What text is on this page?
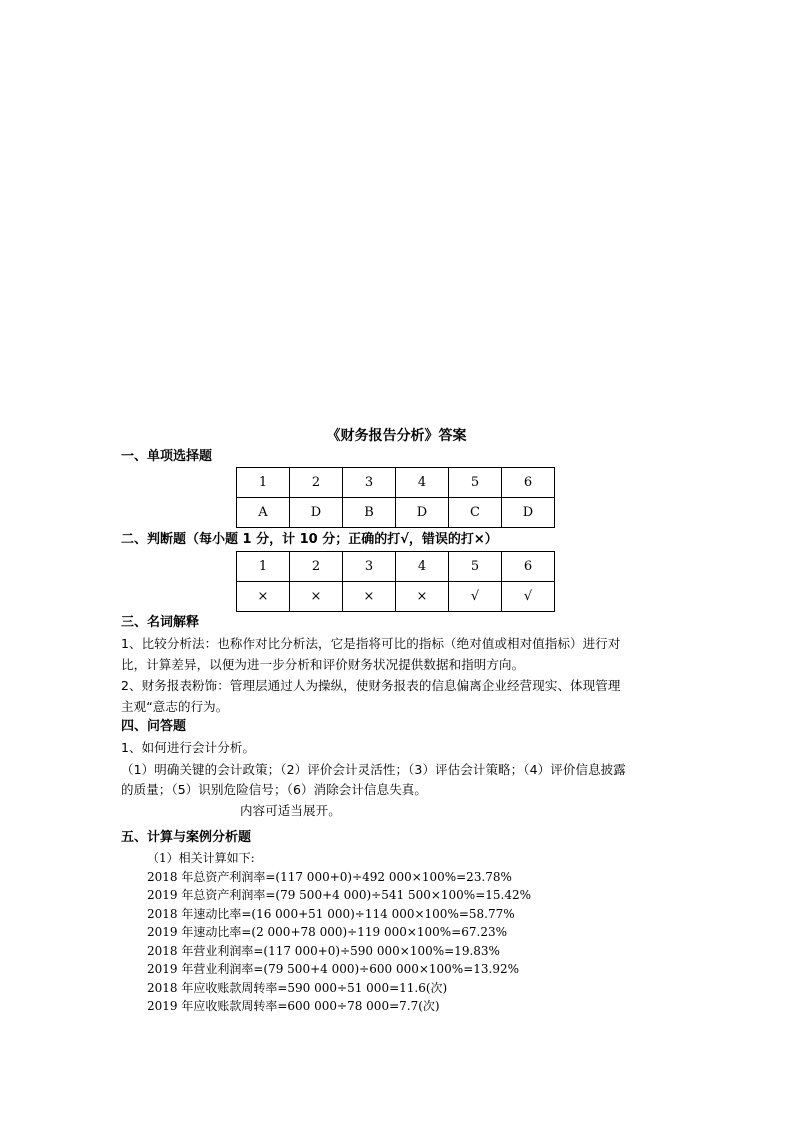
《财务报告分析》答案
一、单项选择题
1	2	3	4	5	6
A	D	B	D	C	D
二、判断题（每小题 1 分，计 10 分；正确的打√，错误的打×）
1	2	3	4	5	6
×	×	×	×	√	√
三、名词解释
1、比较分析法：也称作对比分析法，它是指将可比的指标（绝对值或相对值指标）进行对
比，计算差异，以便为进一步分析和评价财务状况提供数据和指明方向。
2、财务报表粉饰：管理层通过人为操纵，使财务报表的信息偏离企业经营现实、体现管理
主观“意志的行为。
四、问答题
1、如何进行会计分析。
（1）明确关键的会计政策；（2）评价会计灵活性；（3）评估会计策略；（4）评价信息披露
的质量；（5）识别危险信号；（6）消除会计信息失真。
内容可适当展开。
五、计算与案例分析题
（1）相关计算如下:
2018 年总资产利润率=(117 000+0)÷492 000×100%=23.78%
2019 年总资产利润率=(79 500+4 000)÷541 500×100%=15.42%
2018 年速动比率=(16 000+51 000)÷114 000×100%=58.77%
2019 年速动比率=(2 000+78 000)÷119 000×100%=67.23%
2018 年营业利润率=(117 000+0)÷590 000×100%=19.83%
2019 年营业利润率=(79 500+4 000)÷600 000×100%=13.92%
2018 年应收账款周转率=590 000÷51 000=11.6(次)
2019 年应收账款周转率=600 000÷78 000=7.7(次)
